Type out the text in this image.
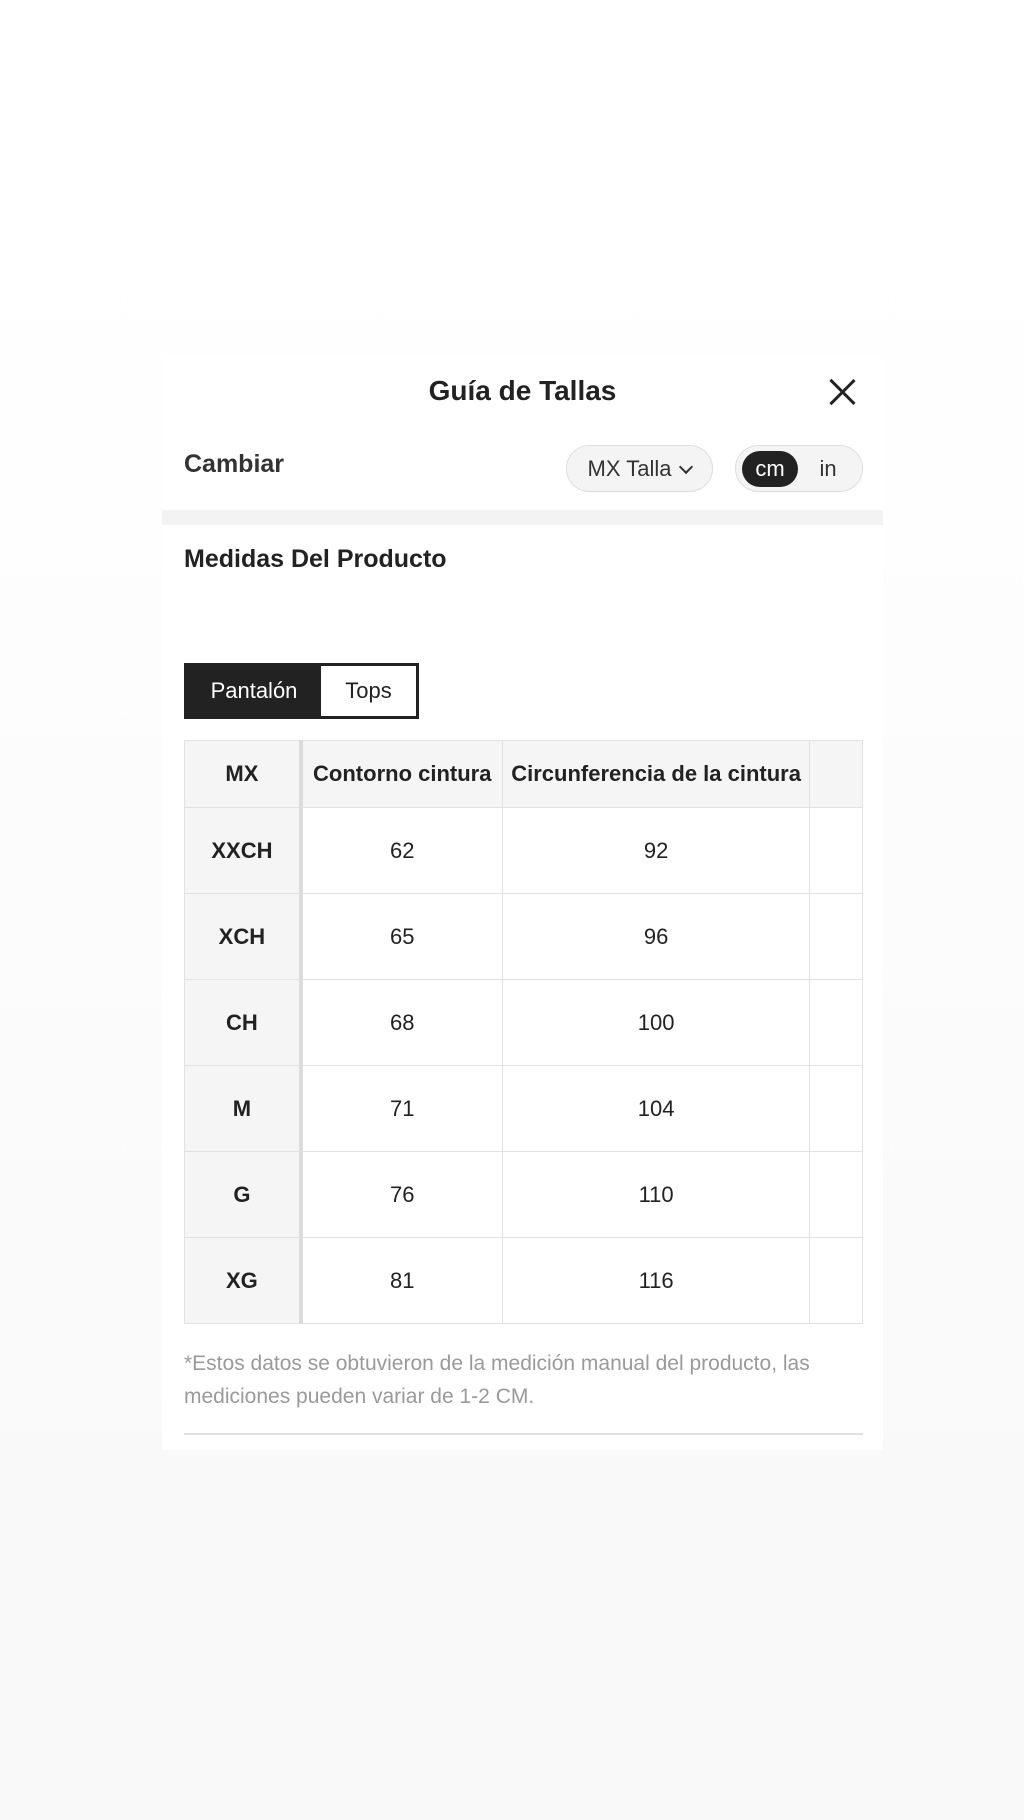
Guía de Tallas
Cambiar	MX Talla	cm	in
Medidas Del Producto
Pantalón	Tops
MX	Contorno cintura	Circunferencia de la cintura	
XXCH	62	92	
XCH	65	96	
CH	68	100	
M	71	104	
G	76	110	
XG	81	116	
*Estos datos se obtuvieron de la medición manual del producto, las mediciones pueden variar de 1-2 CM.
